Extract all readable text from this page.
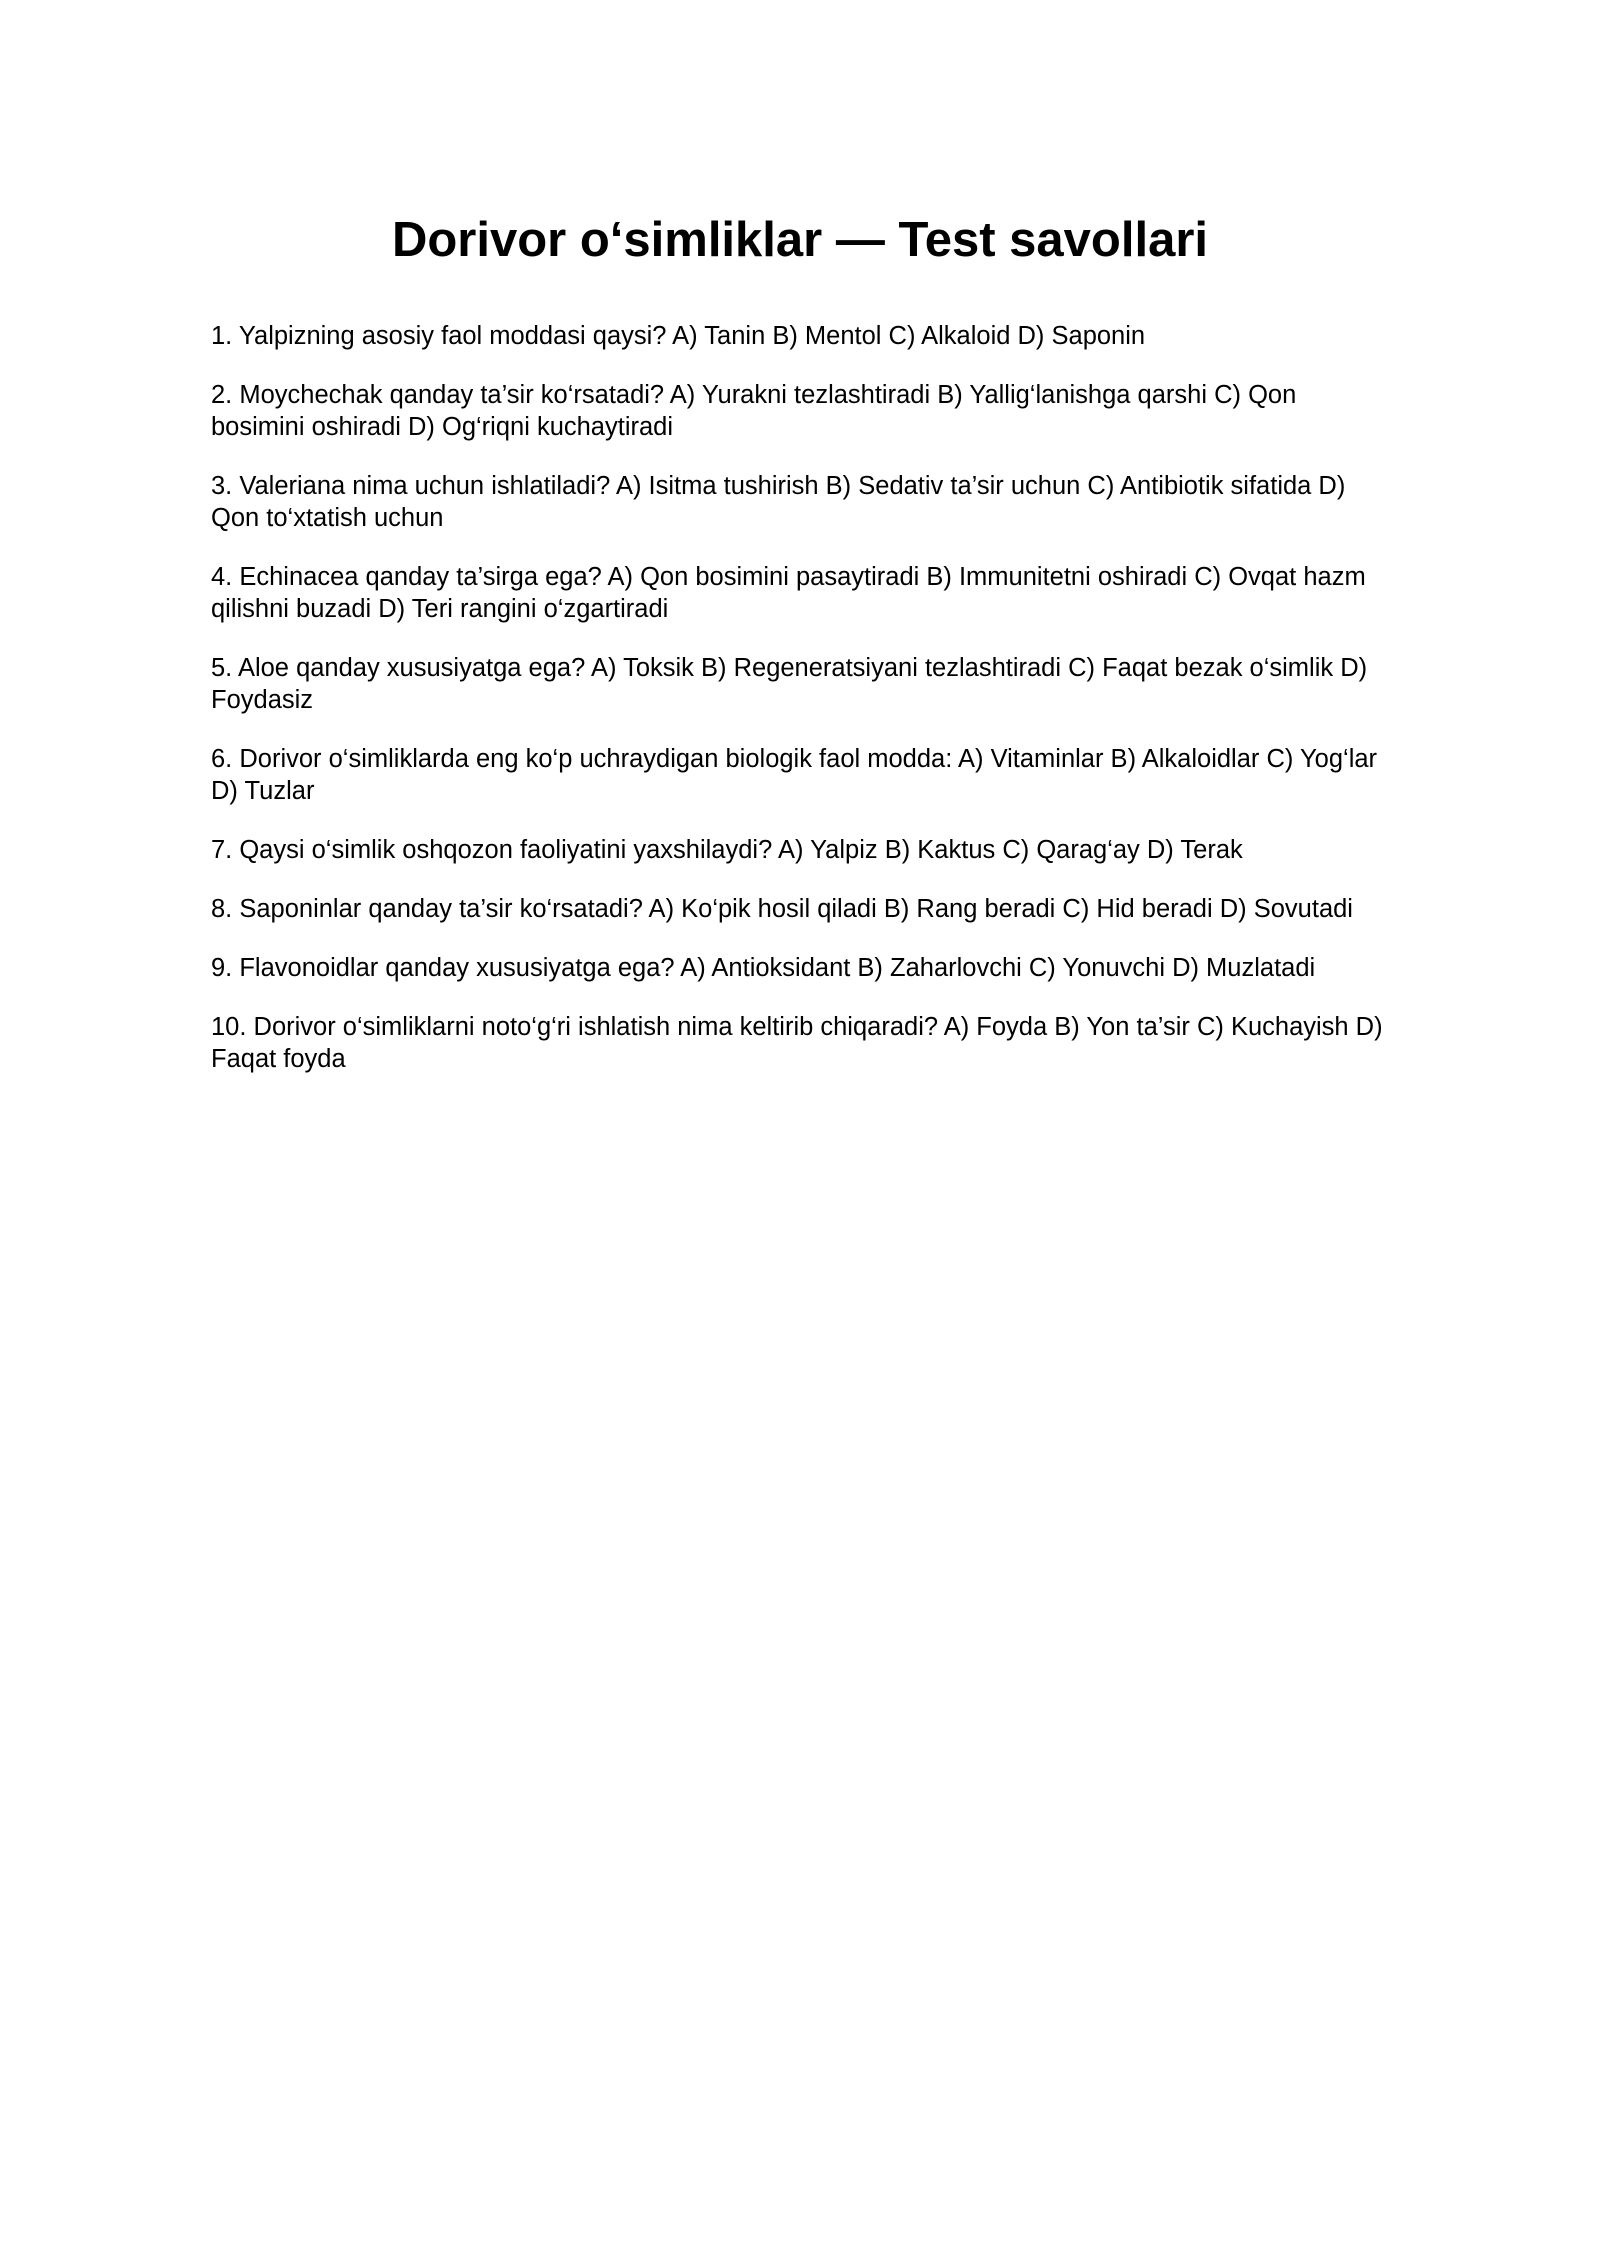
Dorivor o‘simliklar — Test savollari
1. Yalpizning asosiy faol moddasi qaysi? A) Tanin B) Mentol C) Alkaloid D) Saponin
2. Moychechak qanday ta’sir ko‘rsatadi? A) Yurakni tezlashtiradi B) Yallig‘lanishga qarshi C) Qon bosimini oshiradi D) Og‘riqni kuchaytiradi
3. Valeriana nima uchun ishlatiladi? A) Isitma tushirish B) Sedativ ta’sir uchun C) Antibiotik sifatida D) Qon to‘xtatish uchun
4. Echinacea qanday ta’sirga ega? A) Qon bosimini pasaytiradi B) Immunitetni oshiradi C) Ovqat hazm qilishni buzadi D) Teri rangini o‘zgartiradi
5. Aloe qanday xususiyatga ega? A) Toksik B) Regeneratsiyani tezlashtiradi C) Faqat bezak o‘simlik D) Foydasiz
6. Dorivor o‘simliklarda eng ko‘p uchraydigan biologik faol modda: A) Vitaminlar B) Alkaloidlar C) Yog‘lar D) Tuzlar
7. Qaysi o‘simlik oshqozon faoliyatini yaxshilaydi? A) Yalpiz B) Kaktus C) Qarag‘ay D) Terak
8. Saponinlar qanday ta’sir ko‘rsatadi? A) Ko‘pik hosil qiladi B) Rang beradi C) Hid beradi D) Sovutadi
9. Flavonoidlar qanday xususiyatga ega? A) Antioksidant B) Zaharlovchi C) Yonuvchi D) Muzlatadi
10. Dorivor o‘simliklarni noto‘g‘ri ishlatish nima keltirib chiqaradi? A) Foyda B) Yon ta’sir C) Kuchayish D) Faqat foyda
